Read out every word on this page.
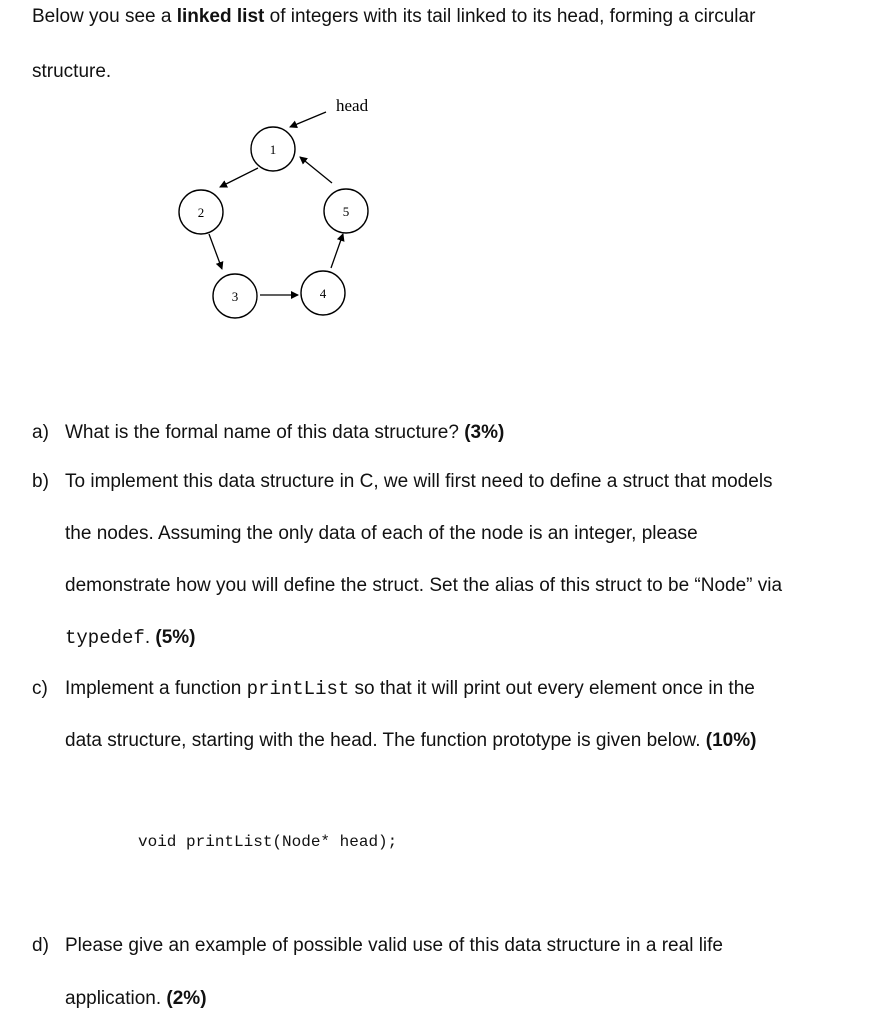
Below you see a linked list of integers with its tail linked to its head, forming a circular
structure.
head
1
2
3	4
5
a) What is the formal name of this data structure? (3%)
b) To implement this data structure in C, we will first need to define a struct that models
the nodes. Assuming the only data of each of the node is an integer, please
demonstrate how you will define the struct. Set the alias of this struct to be “Node” via
typedef. (5%)
c) Implement a function printList so that it will print out every element once in the
data structure, starting with the head. The function prototype is given below. (10%)
void printList(Node* head);
d) Please give an example of possible valid use of this data structure in a real life
application. (2%)
